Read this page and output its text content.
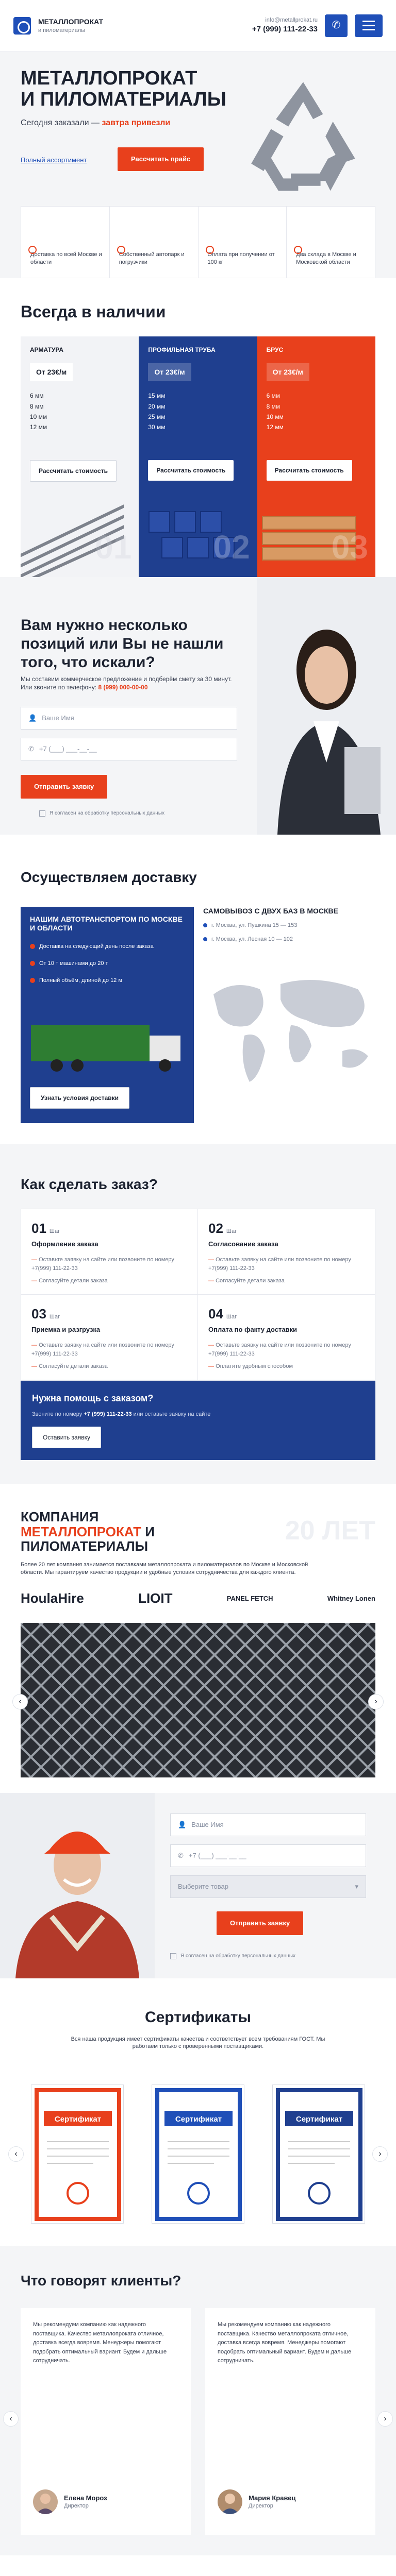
МЕТАЛЛОПРОКАТ
и пиломатериалы
info@metallprokat.ru
+7 (999) 111-22-33 ✆
МЕТАЛЛОПРОКАТ
И ПИЛОМАТЕРИАЛЫ
Сегодня заказали — завтра привезли
Полный ассортимент	Рассчитать прайс
Доставка по всей Москве и области
Собственный автопарк и погрузчики
Оплата при получении от 100 кг
Два склада в Москве и Московской области
Всегда в наличии
АРМАТУРА
От 23€/м
6 мм
8 мм
10 мм
12 мм
Рассчитать стоимость
01
ПРОФИЛЬНАЯ ТРУБА
От 23€/м
15 мм
20 мм
25 мм
30 мм
Рассчитать стоимость
02
БРУС
От 23€/м
6 мм
8 мм
10 мм
12 мм
Рассчитать стоимость
03
Вам нужно несколько позиций или Вы не нашли того, что искали?
Мы составим коммерческое предложение и подберём смету за 30 минут. Или звоните по телефону: 8 (999) 000-00-00
👤 Ваше Имя
✆ +7 (___) ___-__-__
Отправить заявку
Я согласен на обработку персональных данных
Осуществляем доставку
НАШИМ АВТОТРАНСПОРТОМ ПО МОСКВЕ И ОБЛАСТИ
Доставка на следующий день после заказа
От 10 т машинами до 20 т
Полный объём, длиной до 12 м
Узнать условия доставки
САМОВЫВОЗ С ДВУХ БАЗ В МОСКВЕ
г. Москва, ул. Пушкина 15 — 153
г. Москва, ул. Лесная 10 — 102
Как сделать заказ?
01 Шаг
Оформление заказа
— Оставьте заявку на сайте или позвоните по номеру +7(999) 111-22-33
— Согласуйте детали заказа
02 Шаг
Согласование заказа
— Оставьте заявку на сайте или позвоните по номеру +7(999) 111-22-33
— Согласуйте детали заказа
03 Шаг
Приемка и разгрузка
— Оставьте заявку на сайте или позвоните по номеру +7(999) 111-22-33
— Согласуйте детали заказа
04 Шаг
Оплата по факту доставки
— Оставьте заявку на сайте или позвоните по номеру +7(999) 111-22-33
— Оплатите удобным способом
Нужна помощь с заказом?
Звоните по номеру +7 (999) 111-22-33 или оставьте заявку на сайте
Оставить заявку
20 ЛЕТ
КОМПАНИЯ
МЕТАЛЛОПРОКАТ И
ПИЛОМАТЕРИАЛЫ
Более 20 лет компания занимается поставками металлопроката и пиломатериалов по Москве и Московской области. Мы гарантируем качество продукции и удобные условия сотрудничества для каждого клиента.
HoulaHire	LIOIT	PANEL FETCH	Whitney Lonen
‹	›
👤 Ваше Имя
✆ +7 (___) ___-__-__
Выберите товар	▾
Отправить заявку
Я согласен на обработку персональных данных
Сертификаты
Вся наша продукция имеет сертификаты качества и соответствует всем требованиям ГОСТ. Мы работаем только с проверенными поставщиками.
Сертификат	Сертификат	Сертификат
‹	›
Что говорят клиенты?
Мы рекомендуем компанию как надежного поставщика. Качество металлопроката отличное, доставка всегда вовремя. Менеджеры помогают подобрать оптимальный вариант. Будем и дальше сотрудничать.
Елена Мороз
Директор
Мы рекомендуем компанию как надежного поставщика. Качество металлопроката отличное, доставка всегда вовремя. Менеджеры помогают подобрать оптимальный вариант. Будем и дальше сотрудничать.
Мария Кравец
Директор
‹	›
